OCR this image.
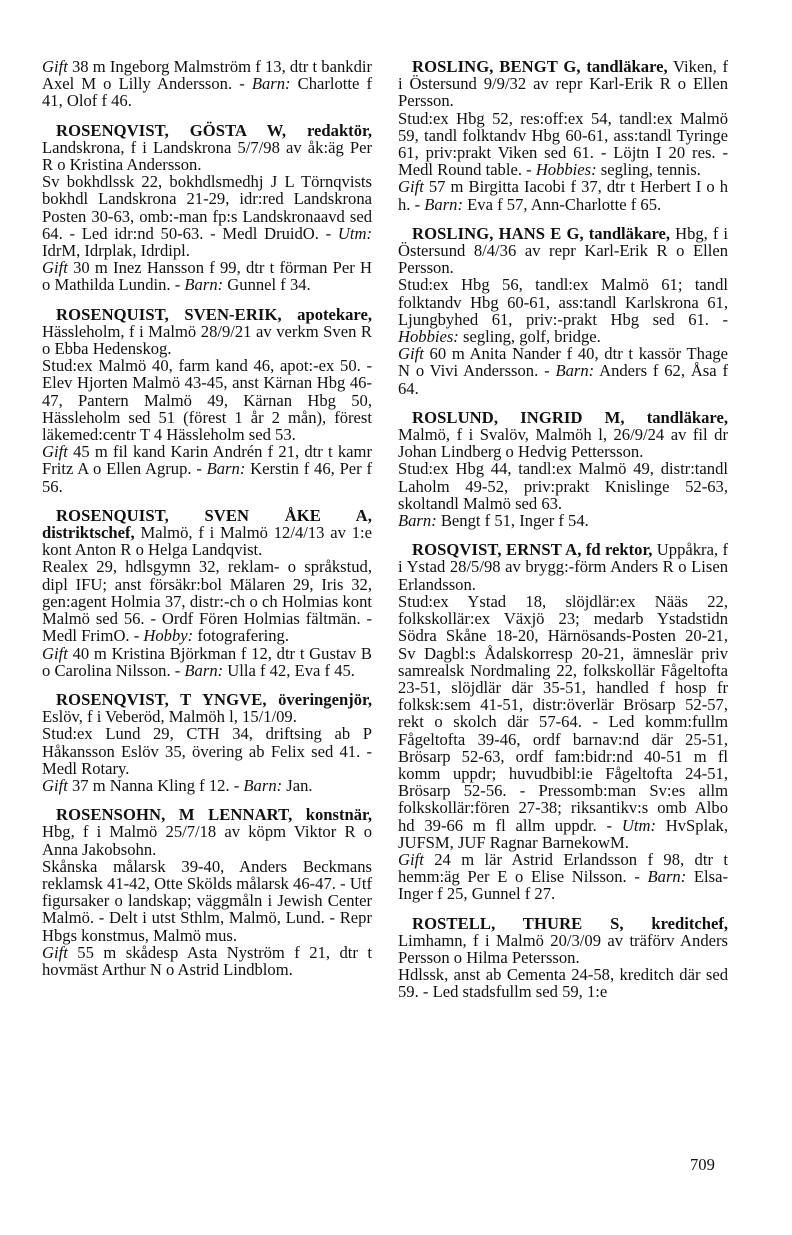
Gift 38 m Ingeborg Malmström f 13, dtr t bankdir Axel M o Lilly Andersson. - Barn: Charlotte f 41, Olof f 46.

ROSENQVIST, GÖSTA W, redaktör, Landskrona, f i Landskrona 5/7/98 av åk:äg Per R o Kristina Andersson.

Sv bokhdlssk 22, bokhdlsmedhj J L Törnqvists bokhdl Landskrona 21-29, idr:red Landskrona Posten 30-63, omb:-man fp:s Landskronaavd sed 64. - Led idr:nd 50-63. - Medl DruidO. - Utm: IdrM, Idrplak, Idrdipl.

Gift 30 m Inez Hansson f 99, dtr t förman Per H o Mathilda Lundin. - Barn: Gunnel f 34.

ROSENQUIST, SVEN-ERIK, apotekare, Hässleholm, f i Malmö 28/9/21 av verkm Sven R o Ebba Hedenskog.

Stud:ex Malmö 40, farm kand 46, apot:-ex 50. - Elev Hjorten Malmö 43-45, anst Kärnan Hbg 46-47, Pantern Malmö 49, Kärnan Hbg 50, Hässleholm sed 51 (förest 1 år 2 mån), förest läkemed:centr T 4 Hässleholm sed 53.

Gift 45 m fil kand Karin Andrén f 21, dtr t kamr Fritz A o Ellen Agrup. - Barn: Kerstin f 46, Per f 56.

ROSENQUIST, SVEN ÅKE A, distriktschef, Malmö, f i Malmö 12/4/13 av 1:e kont Anton R o Helga Landqvist.

Realex 29, hdlsgymn 32, reklam- o språkstud, dipl IFU; anst försäkr:bol Mälaren 29, Iris 32, gen:agent Holmia 37, distr:-ch o ch Holmias kont Malmö sed 56. - Ordf Fören Holmias fältmän. - Medl FrimO. - Hobby: fotografering.

Gift 40 m Kristina Björkman f 12, dtr t Gustav B o Carolina Nilsson. - Barn: Ulla f 42, Eva f 45.

ROSENQVIST, T YNGVE, överingenjör, Eslöv, f i Veberöd, Malmöh l, 15/1/09.

Stud:ex Lund 29, CTH 34, driftsing ab P Håkansson Eslöv 35, övering ab Felix sed 41. - Medl Rotary.

Gift 37 m Nanna Kling f 12. - Barn: Jan.

ROSENSOHN, M LENNART, konstnär, Hbg, f i Malmö 25/7/18 av köpm Viktor R o Anna Jakobsohn.

Skånska målarsk 39-40, Anders Beckmans reklamsk 41-42, Otte Skölds målarsk 46-47. - Utf figursaker o landskap; väggmåln i Jewish Center Malmö. - Delt i utst Sthlm, Malmö, Lund. - Repr Hbgs konstmus, Malmö mus.

Gift 55 m skådesp Asta Nyström f 21, dtr t hovmäst Arthur N o Astrid Lindblom.

ROSLING, BENGT G, tandläkare, Viken, f i Östersund 9/9/32 av repr Karl-Erik R o Ellen Persson.

Stud:ex Hbg 52, res:off:ex 54, tandl:ex Malmö 59, tandl folktandv Hbg 60-61, ass:tandl Tyringe 61, priv:prakt Viken sed 61. - Löjtn I 20 res. - Medl Round table. - Hobbies: segling, tennis.

Gift 57 m Birgitta Iacobi f 37, dtr t Herbert I o h h. - Barn: Eva f 57, Ann-Charlotte f 65.

ROSLING, HANS E G, tandläkare, Hbg, f i Östersund 8/4/36 av repr Karl-Erik R o Ellen Persson.

Stud:ex Hbg 56, tandl:ex Malmö 61; tandl folktandv Hbg 60-61, ass:tandl Karlskrona 61, Ljungbyhed 61, priv:-prakt Hbg sed 61. - Hobbies: segling, golf, bridge.

Gift 60 m Anita Nander f 40, dtr t kassör Thage N o Vivi Andersson. - Barn: Anders f 62, Åsa f 64.

ROSLUND, INGRID M, tandläkare, Malmö, f i Svalöv, Malmöh l, 26/9/24 av fil dr Johan Lindberg o Hedvig Pettersson.

Stud:ex Hbg 44, tandl:ex Malmö 49, distr:tandl Laholm 49-52, priv:prakt Knislinge 52-63, skoltandl Malmö sed 63.

Barn: Bengt f 51, Inger f 54.

ROSQVIST, ERNST A, fd rektor, Uppåkra, f i Ystad 28/5/98 av brygg:-förm Anders R o Lisen Erlandsson.

Stud:ex Ystad 18, slöjdlär:ex Nääs 22, folkskollär:ex Växjö 23; medarb Ystadstidn Södra Skåne 18-20, Härnösands-Posten 20-21, Sv Dagbl:s Ådalskorresp 20-21, ämneslär priv samrealsk Nordmaling 22, folkskollär Fågeltofta 23-51, slöjdlär där 35-51, handled f hosp fr folksk:sem 41-51, distr:överlär Brösarp 52-57, rekt o skolch där 57-64. - Led komm:fullm Fågeltofta 39-46, ordf barnav:nd där 25-51, Brösarp 52-63, ordf fam:bidr:nd 40-51 m fl komm uppdr; huvudbibl:ie Fågeltofta 24-51, Brösarp 52-56. - Pressomb:man Sv:es allm folkskollär:fören 27-38; riksantikv:s omb Albo hd 39-66 m fl allm uppdr. - Utm: HvSplak, JUFSM, JUF Ragnar BarnekowM.

Gift 24 m lär Astrid Erlandsson f 98, dtr t hemm:äg Per E o Elise Nilsson. - Barn: Elsa-Inger f 25, Gunnel f 27.

ROSTELL, THURE S, kreditchef, Limhamn, f i Malmö 20/3/09 av träförv Anders Persson o Hilma Petersson.

Hdlssk, anst ab Cementa 24-58, kreditch där sed 59. - Led stadsfullm sed 59, 1:e

709
